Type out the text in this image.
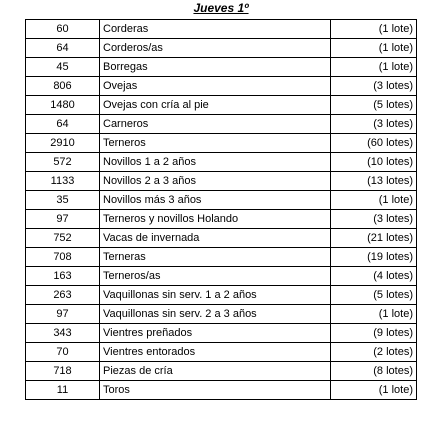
Jueves 1º
60	Corderas	(1 lote)
64	Corderos/as	(1 lote)
45	Borregas	(1 lote)
806	Ovejas	(3 lotes)
1480	Ovejas con cría al pie	(5 lotes)
64	Carneros	(3 lotes)
2910	Terneros	(60 lotes)
572	Novillos 1 a 2 años	(10 lotes)
1133	Novillos 2 a 3 años	(13 lotes)
35	Novillos más 3 años	(1 lote)
97	Terneros y novillos Holando	(3 lotes)
752	Vacas de invernada	(21 lotes)
708	Terneras	(19 lotes)
163	Terneros/as	(4 lotes)
263	Vaquillonas sin serv. 1 a 2 años	(5 lotes)
97	Vaquillonas sin serv. 2 a 3 años	(1 lote)
343	Vientres preñados	(9 lotes)
70	Vientres entorados	(2 lotes)
718	Piezas de cría	(8 lotes)
11	Toros	(1 lote)
